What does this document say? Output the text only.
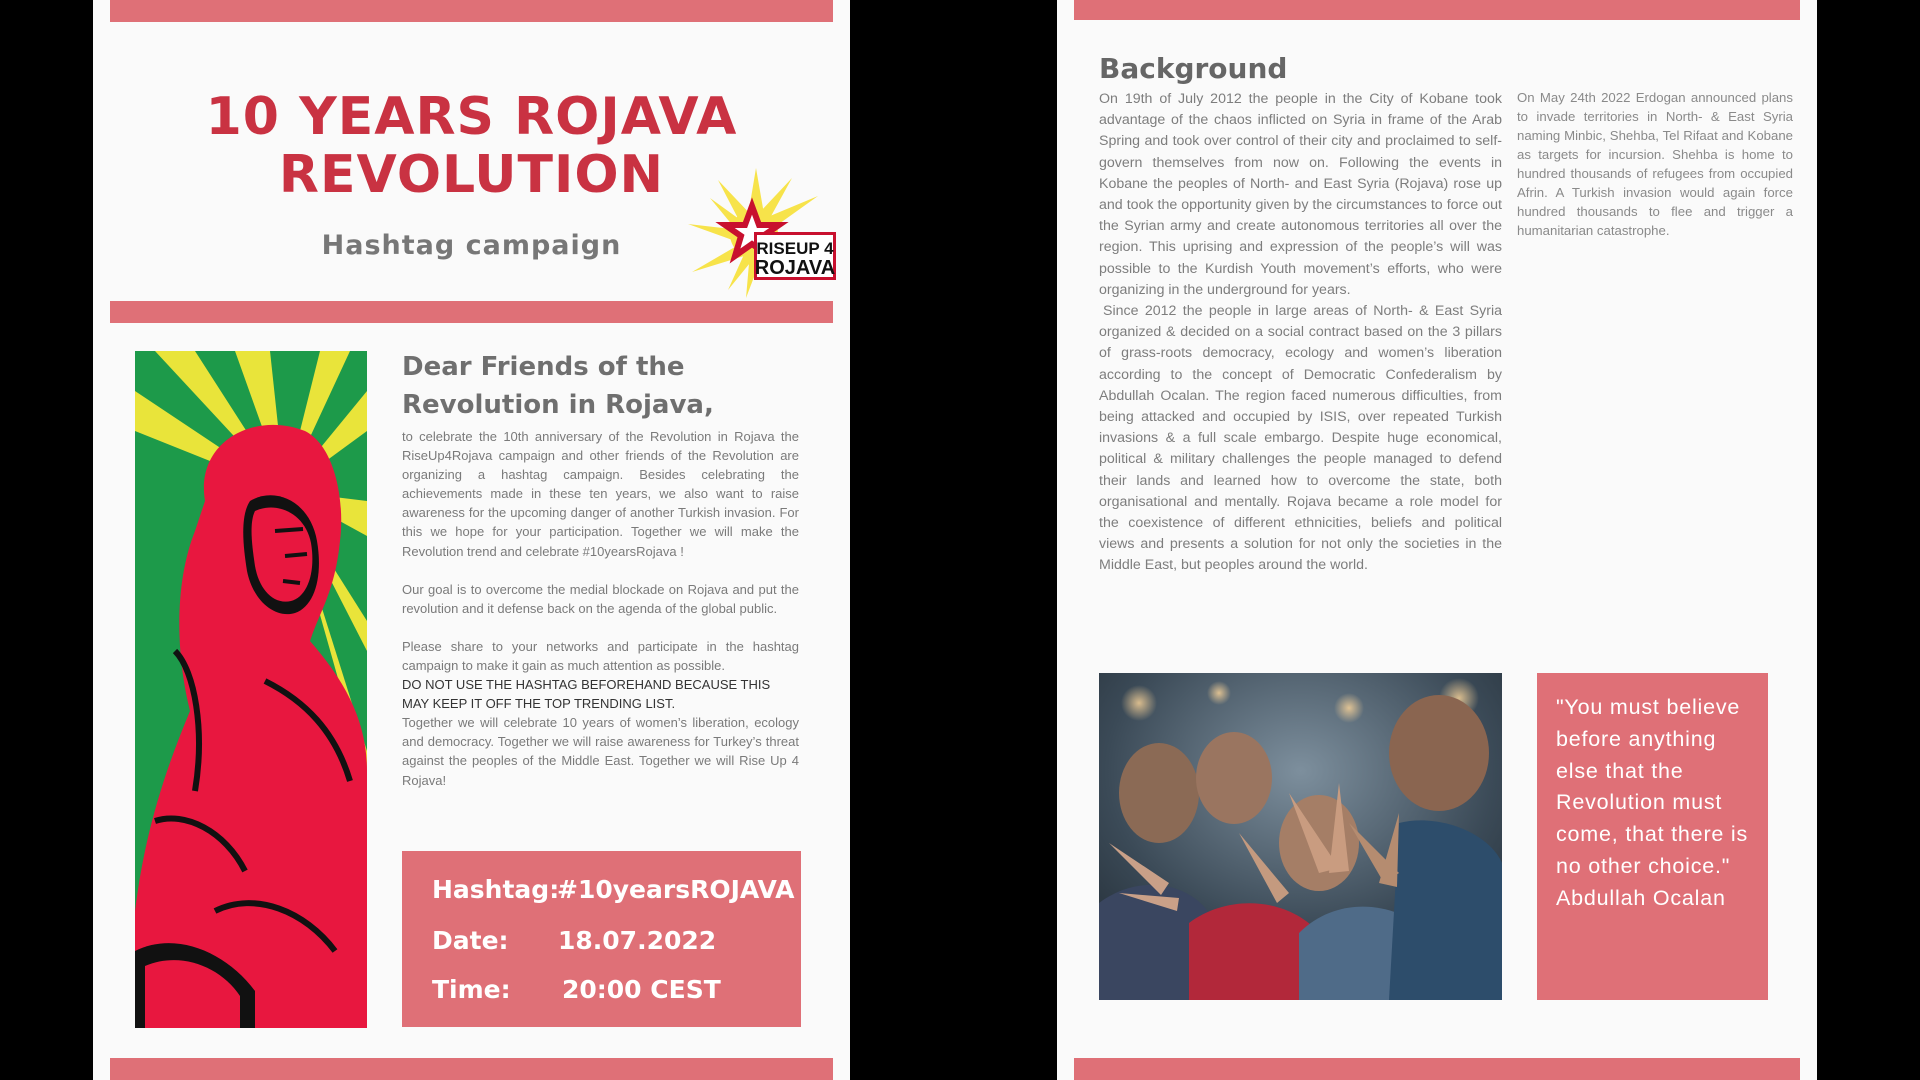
10 YEARS ROJAVA
REVOLUTION
Hashtag campaign	RISEUP 4
ROJAVA
Dear Friends of the
Revolution in Rojava,

to celebrate the 10th anniversary of the Revolution in Rojava the RiseUp4Rojava campaign and other friends of the Revolution are organizing a hashtag campaign. Besides celebrating the achievements made in these ten years, we also want to raise awareness for the upcoming danger of another Turkish invasion. For this we hope for your participation. Together we will make the Revolution trend and celebrate #10yearsRojava !

Our goal is to overcome the medial blockade on Rojava and put the revolution and it defense back on the agenda of the global public.

Please share to your networks and participate in the hashtag campaign to make it gain as much attention as possible.

DO NOT USE THE HASHTAG BEFOREHAND BECAUSE THIS MAY KEEP IT OFF THE TOP TRENDING LIST.

Together we will celebrate 10 years of women’s liberation, ecology and democracy. Together we will raise awareness for Turkey’s threat against the peoples of the Middle East. Together we will Rise Up 4 Rojava!

Hashtag:
#10yearsROJAVA
Date: 18.07.2022
Time: 20:00 CEST
Background

On 19th of July 2012 the people in the City of Kobane took advantage of the chaos inflicted on Syria in frame of the Arab Spring and took over control of their city and proclaimed to self-govern themselves from now on. Following the events in Kobane the peoples of North- and East Syria (Rojava) rose up and took the opportunity given by the circumstances to force out the Syrian army and create autonomous territories all over the region. This uprising and expression of the people’s will was possible to the Kurdish Youth movement’s efforts, who were organizing in the underground for years.

Since 2012 the people in large areas of North- & East Syria organized & decided on a social contract based on the 3 pillars of grass-roots democracy, ecology and women’s liberation according to the concept of Democratic Confederalism by Abdullah Ocalan. The region faced numerous difficulties, from being attacked and occupied by ISIS, over repeated Turkish invasions & a full scale embargo. Despite huge economical, political & military challenges the people managed to defend their lands and learned how to overcome the state, both organisational and mentally. Rojava became a role model for the coexistence of different ethnicities, beliefs and political views and presents a solution for not only the societies in the Middle East, but peoples around the world.

On May 24th 2022 Erdogan announced plans to invade territories in North- & East Syria naming Minbic, Shehba, Tel Rifaat and Kobane as targets for incursion. Shehba is home to hundred thousands of refugees from occupied Afrin. A Turkish invasion would again force hundred thousands to flee and trigger a humanitarian catastrophe.

"You must believe before anything else that the Revolution must come, that there is no other choice."
Abdullah Ocalan
